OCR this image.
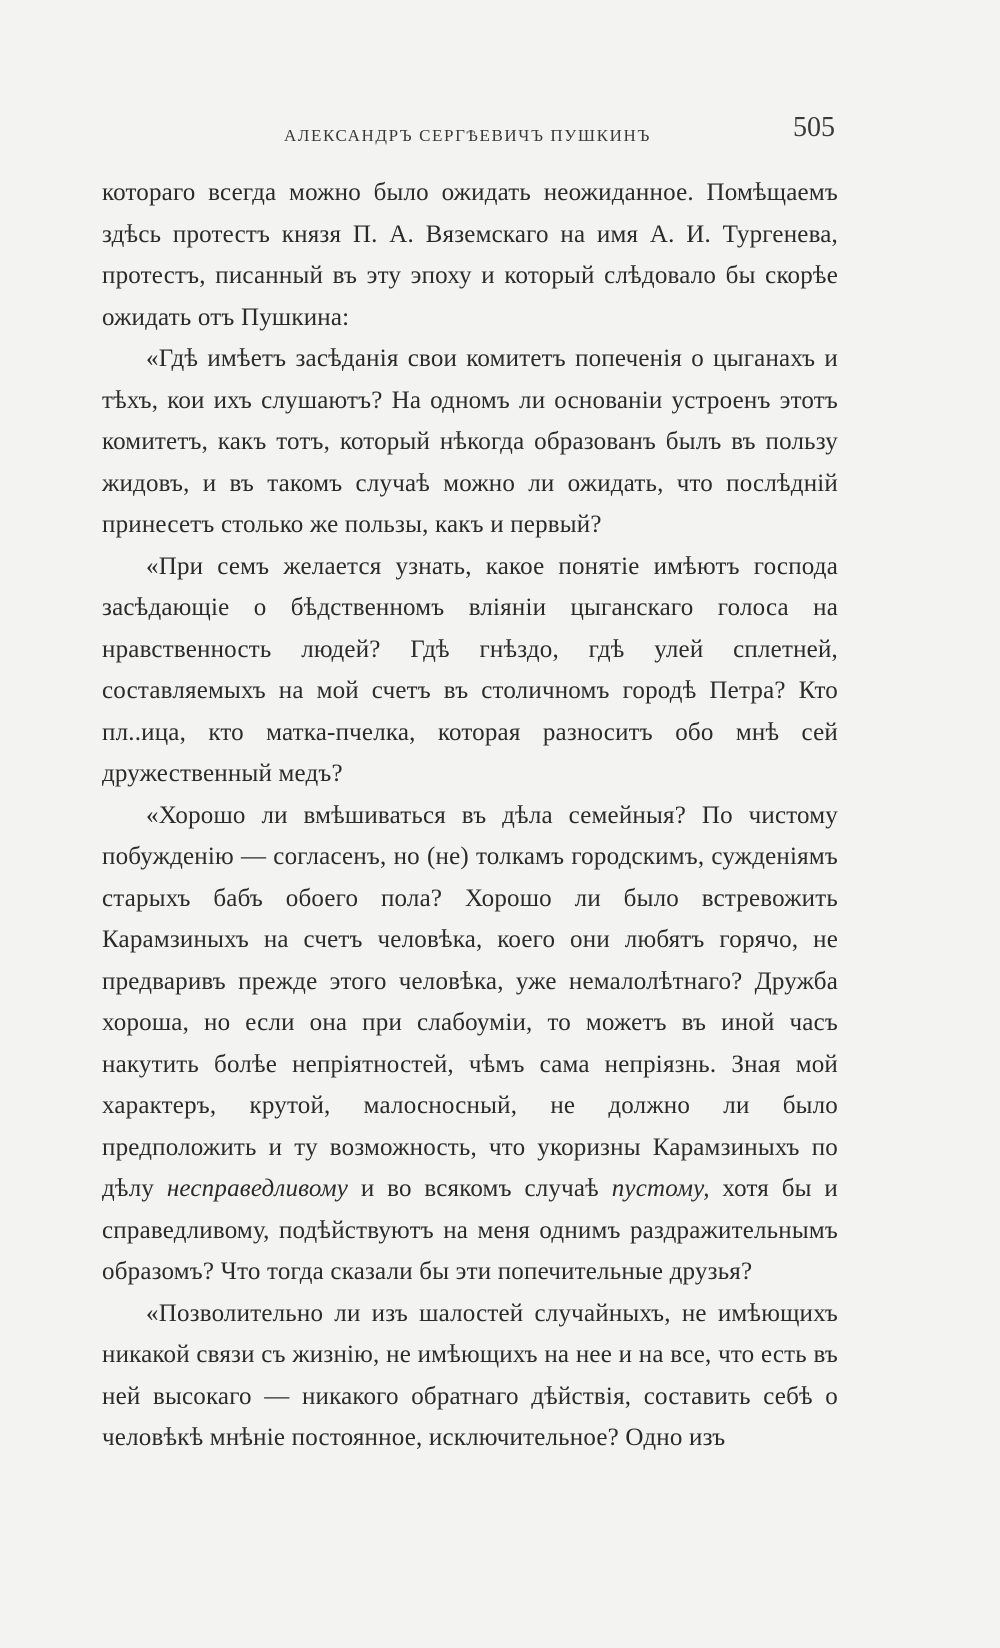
АЛЕКСАНДРЪ СЕРГѢЕВИЧЪ ПУШКИНЪ	505

котораго всегда можно было ожидать неожиданное. Помѣщаемъ здѣсь протестъ князя П. А. Вяземскаго на имя А. И. Тургенева, протестъ, писанный въ эту эпоху и который слѣдовало бы скорѣе ожидать отъ Пушкина:

«Гдѣ имѣетъ засѣданія свои комитетъ попеченія о цыганахъ и тѣхъ, кои ихъ слушаютъ? На одномъ ли основаніи устроенъ этотъ комитетъ, какъ тотъ, который нѣкогда образованъ былъ въ пользу жидовъ, и въ такомъ случаѣ можно ли ожидать, что послѣдній принесетъ столько же пользы, какъ и первый?

«При семъ желается узнать, какое понятіе имѣютъ господа засѣдающіе о бѣдственномъ вліяніи цыганскаго голоса на нравственность людей? Гдѣ гнѣздо, гдѣ улей сплетней, составляемыхъ на мой счетъ въ столичномъ городѣ Петра? Кто пл..ица, кто матка-пчелка, которая разноситъ обо мнѣ сей дружественный медъ?

«Хорошо ли вмѣшиваться въ дѣла семейныя? По чистому побужденію — согласенъ, но (не) толкамъ городскимъ, сужденіямъ старыхъ бабъ обоего пола? Хорошо ли было встревожить Карамзиныхъ на счетъ человѣка, коего они любятъ горячо, не предваривъ прежде этого человѣка, уже немалолѣтнаго? Дружба хороша, но если она при слабоуміи, то можетъ въ иной часъ накутить болѣе непріятностей, чѣмъ сама непріязнь. Зная мой характеръ, крутой, малосносный, не должно ли было предположить и ту возможность, что укоризны Карамзиныхъ по дѣлу несправедливому и во всякомъ случаѣ пустому, хотя бы и справедливому, подѣйствуютъ на меня однимъ раздражительнымъ образомъ? Что тогда сказали бы эти попечительные друзья?

«Позволительно ли изъ шалостей случайныхъ, не имѣющихъ никакой связи съ жизнію, не имѣющихъ на нее и на все, что есть въ ней высокаго — никакого обратнаго дѣйствія, составить себѣ о человѣкѣ мнѣніе постоянное, исключительное? Одно изъ
